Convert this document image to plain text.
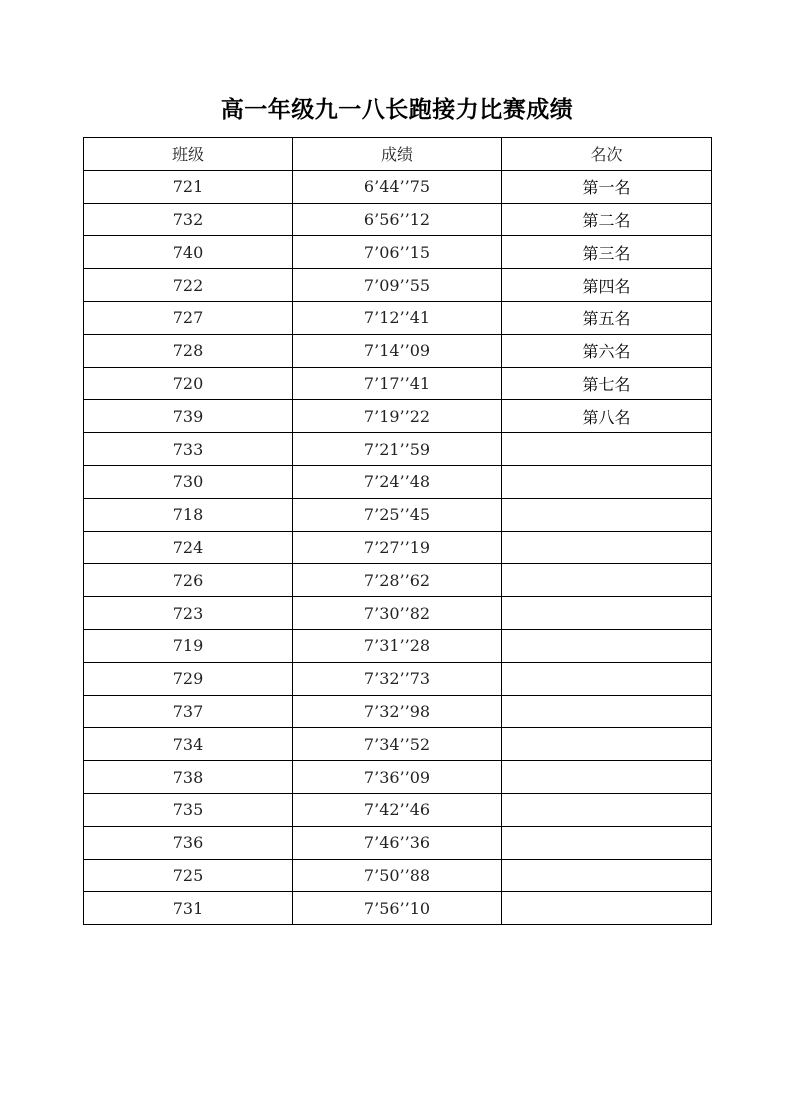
高一年级九一八长跑接力比赛成绩
班级	成绩	名次
721	6’44’’75	第一名
732	6’56’’12	第二名
740	7’06’’15	第三名
722	7’09’’55	第四名
727	7’12’’41	第五名
728	7’14’’09	第六名
720	7’17’’41	第七名
739	7’19’’22	第八名
733	7’21’’59	
730	7’24’’48	
718	7’25’’45	
724	7’27’’19	
726	7’28’’62	
723	7’30’’82	
719	7’31’’28	
729	7’32’’73	
737	7’32’’98	
734	7’34’’52	
738	7’36’’09	
735	7’42’’46	
736	7’46’’36	
725	7’50’’88	
731	7’56’’10	
